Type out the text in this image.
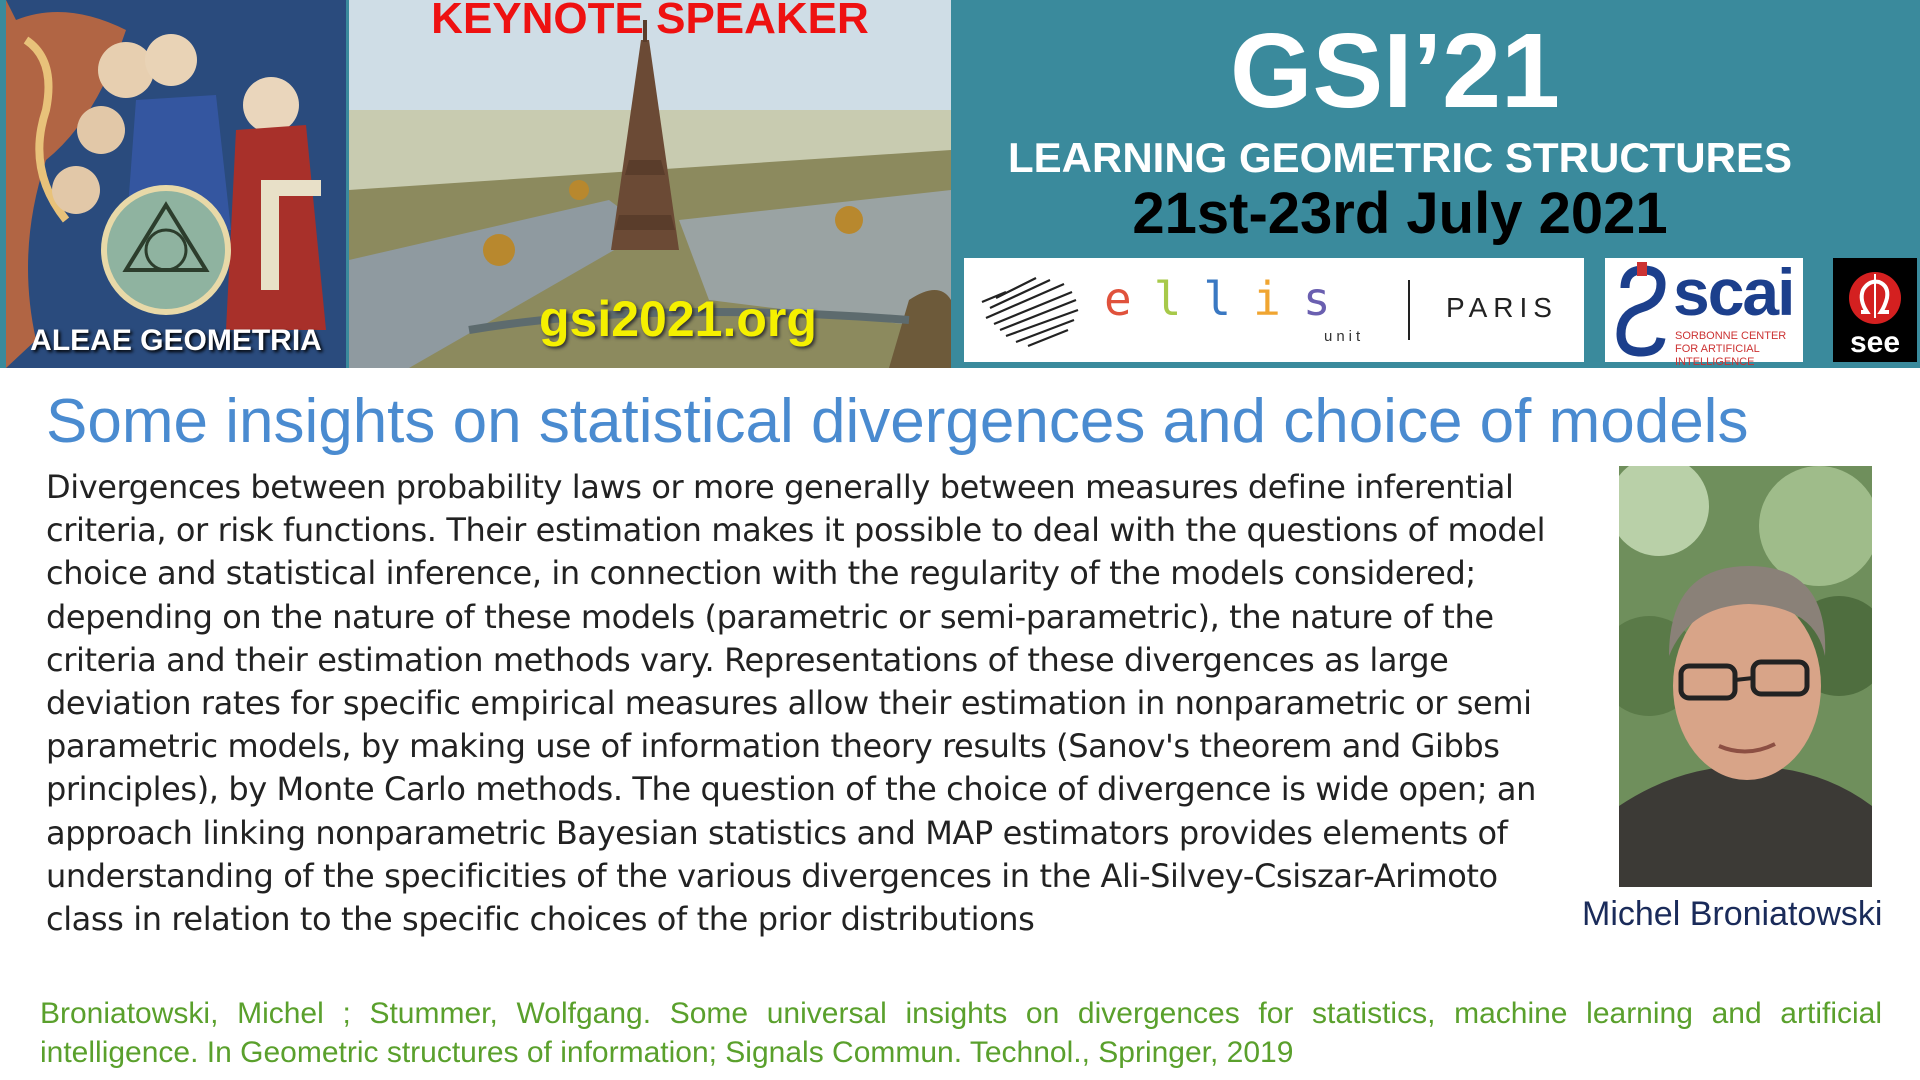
ALEAE GEOMETRIA
KEYNOTE SPEAKER
gsi2021.org
GSI’21
LEARNING GEOMETRIC STRUCTURES
21st-23rd July 2021
ellis
unit
PARIS scai
SORBONNE CENTER FOR ARTIFICIAL INTELLIGENCE
see
Some insights on statistical divergences and choice of models

Divergences between probability laws or more generally between measures define inferential criteria, or risk functions. Their estimation makes it possible to deal with the questions of model choice and statistical inference, in connection with the regularity of the models considered; depending on the nature of these models (parametric or semi-parametric), the nature of the criteria and their estimation methods vary. Representations of these divergences as large deviation rates for specific empirical measures allow their estimation in nonparametric or semi parametric models, by making use of information theory results (Sanov's theorem and Gibbs principles), by Monte Carlo methods. The question of the choice of divergence is wide open; an approach linking nonparametric Bayesian statistics and MAP estimators provides elements of understanding of the specificities of the various divergences in the Ali-Silvey-Csiszar-Arimoto class in relation to the specific choices of the prior distributions	Michel Broniatowski

Broniatowski, Michel ; Stummer, Wolfgang. Some universal insights on divergences for statistics, machine learning and artificial intelligence. In Geometric structures of information; Signals Commun. Technol., Springer, 2019
